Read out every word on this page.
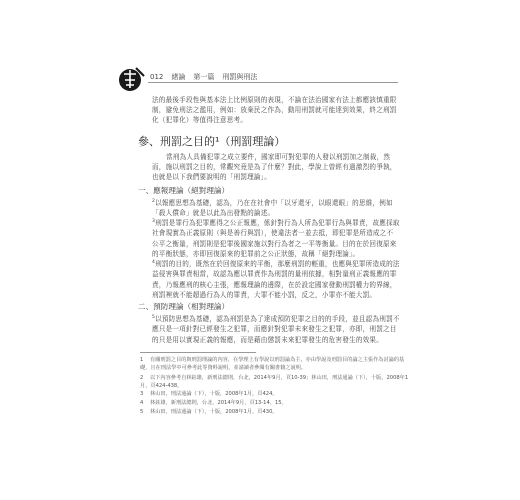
012 緒論 第一篇 刑罰與刑法
法的最後手段性與基本法上比例原則的表現，不論在法治國家有法上都應該慎重限制，避免刑法之濫用，例如：放棄民之作為，動用刑罰就可能達到效果，終之刑罰化（犯罪化）等值得注意思考。
參、刑罰之目的¹（刑罰理論）
當刑為人具備犯罪之成立要件，國家即可對犯罪的人發以刑罰加之制裁，然而，施以刑罰之目的，常觀究竟是為了什麼？對此，學說上曾經有過激烈的爭執，也就是以下我們要說明的「刑罰理論」。
一、應報理論（絕對理論）
$^2$以報應思想為基礎，認為，乃在在社會中「以牙還牙，以眼還眼」的思維，例如「殺人償命」就是以此為出發點的論述。
$^3$刑罰是罪行為犯罪應得之公正報應，係針對行為人所為犯罪行為與罪責，故應採取社會現實為正義原則（與是善行與罰），使違法者一並去抵，即犯罪是所造成之不公平之衡量，刑罰則是犯罪後國家施以對行為者之一平等衡量。目的在於回復原來的平衡狀態，亦即回復原來的犯罪前之公正狀態，故稱「絕對理論」。
$^4$刑罰的目的，既然在於回復原來的平衡，那麼刑罰的輕重，也應與犯罪所造成的法益侵害與罪責相當，故認為應以罪責作為刑罰的量刑依據，相對量刑正義報應的罪責，乃報應刑的核心主張，應報理論的邊際，在於設定國家發動刑罰權力的界線，刑罰裡就不能超過行為人的罪責，大罪不能小罰，反之，小罪亦不能大罰。
二、預防理論（相對理論）
$^5$以預防思想為基礎，認為刑罰是為了達成預防犯罪之目的的手段，並且認為刑罰不應只是一項針對已經發生之犯罪，而應針對犯罪未來發生之犯罪，亦即，刑罰之目的只是用以實現正義的報應，而是藉由懲罰未來犯罪發生的危害發生的效果。
1 有關刑罰之目的與刑罰理論的內容，在學理上有學說以刑罰論為主，亦由學說及刑罰目的論之主張作為討論的基礎，且在刑法學中可參考此等資料說明，並請讀者參閱有關書籍之說明。
2 以下內容參考自林鈺雄，新刑法總則，台北，2014年9月，頁10-39；林山田，刑法通論（下），十版，2008年1月，頁424-438。
3 林山田，刑法通論（下），十版，2008年1月，頁424。
4 林鈺雄，新刑法總則，台北，2014年9月，頁13-14、15。
5 林山田，刑法通論（下），十版，2008年1月，頁430。
